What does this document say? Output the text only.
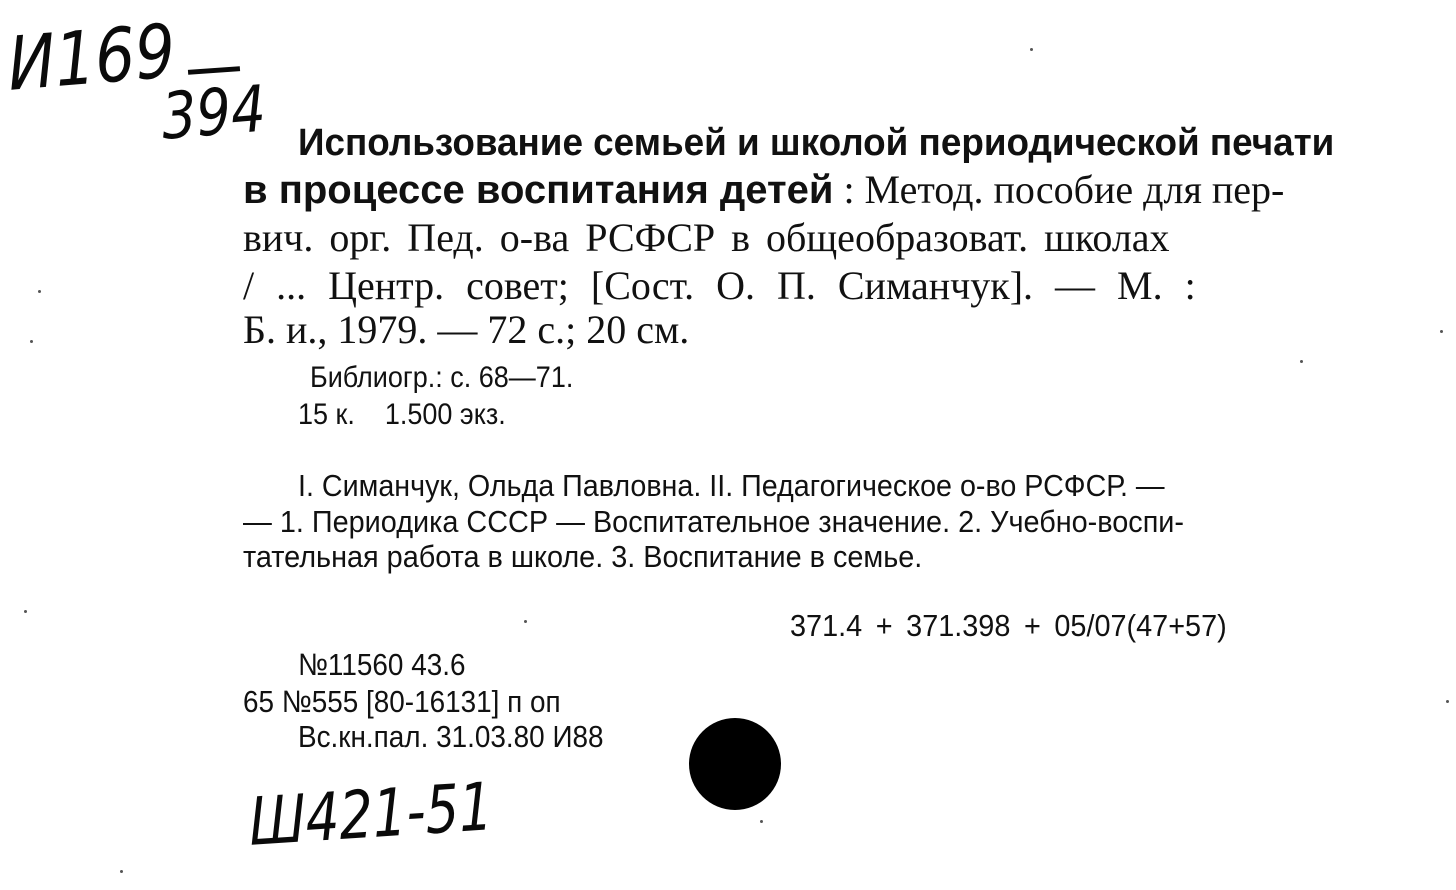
И169
394 Использование семьей и школой периодической печати
в процессе воспитания детей : Метод. пособие для пер-
вич. орг. Пед. о-ва РСФСР в общеобразоват. школах
/ ... Центр. совет; [Сост. О. П. Симанчук]. — М. :
Б. и., 1979. — 72 с.; 20 см.
Библиогр.: с. 68—71.
15 к.    1.500 экз.
I. Симанчук, Ольда Павловна. II. Педагогическое о-во РСФСР. —
— 1. Периодика СССР — Воспитательное значение. 2. Учебно-воспи-
тательная работа в школе. 3. Воспитание в семье.
371.4 + 371.398 + 05/07(47+57)
№11560 43.6
65 №555 [80-16131] п оп
Вс.кн.пал. 31.03.80 И88
Ш421-51
